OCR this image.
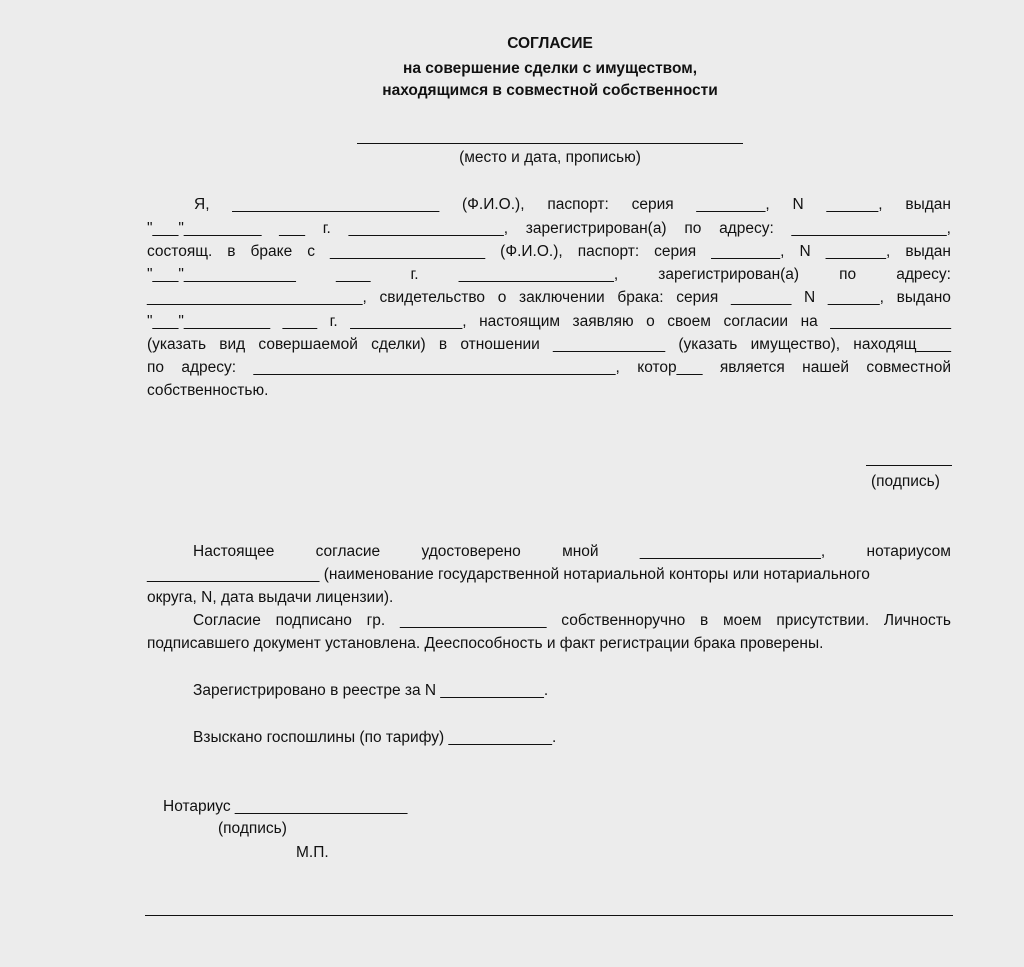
СОГЛАСИЕ
на совершение сделки с имуществом,
находящимся в совместной собственности
(место и дата, прописью)
Я, ________________________ (Ф.И.О.), паспорт: серия ________, N ______, выдан
"___"_________ ___ г. __________________, зарегистрирован(а) по адресу: __________________,
состоящ. в браке с __________________ (Ф.И.О.), паспорт: серия ________, N _______, выдан
"___"_____________	____	г.	__________________,	зарегистрирован(а)	по	адресу:
_________________________, свидетельство о заключении брака: серия _______ N ______, выдано
"___"__________ ____ г. _____________, настоящим заявляю о своем согласии на ______________
(указать вид совершаемой сделки) в отношении _____________ (указать имущество), находящ____
по адресу: __________________________________________, котор___ является нашей совместной
собственностью.
(подпись)
Настоящее	согласие	удостоверено	мной	_____________________,	нотариусом
____________________ (наименование государственной нотариальной конторы или нотариального
округа, N, дата выдачи лицензии).
Согласие подписано гр. _________________ собственноручно в моем присутствии. Личность
подписавшего документ установлена. Дееспособность и факт регистрации брака проверены.
Зарегистрировано в реестре за N ____________.
Взыскано госпошлины (по тарифу) ____________.
Нотариус ____________________
(подпись)
М.П.
